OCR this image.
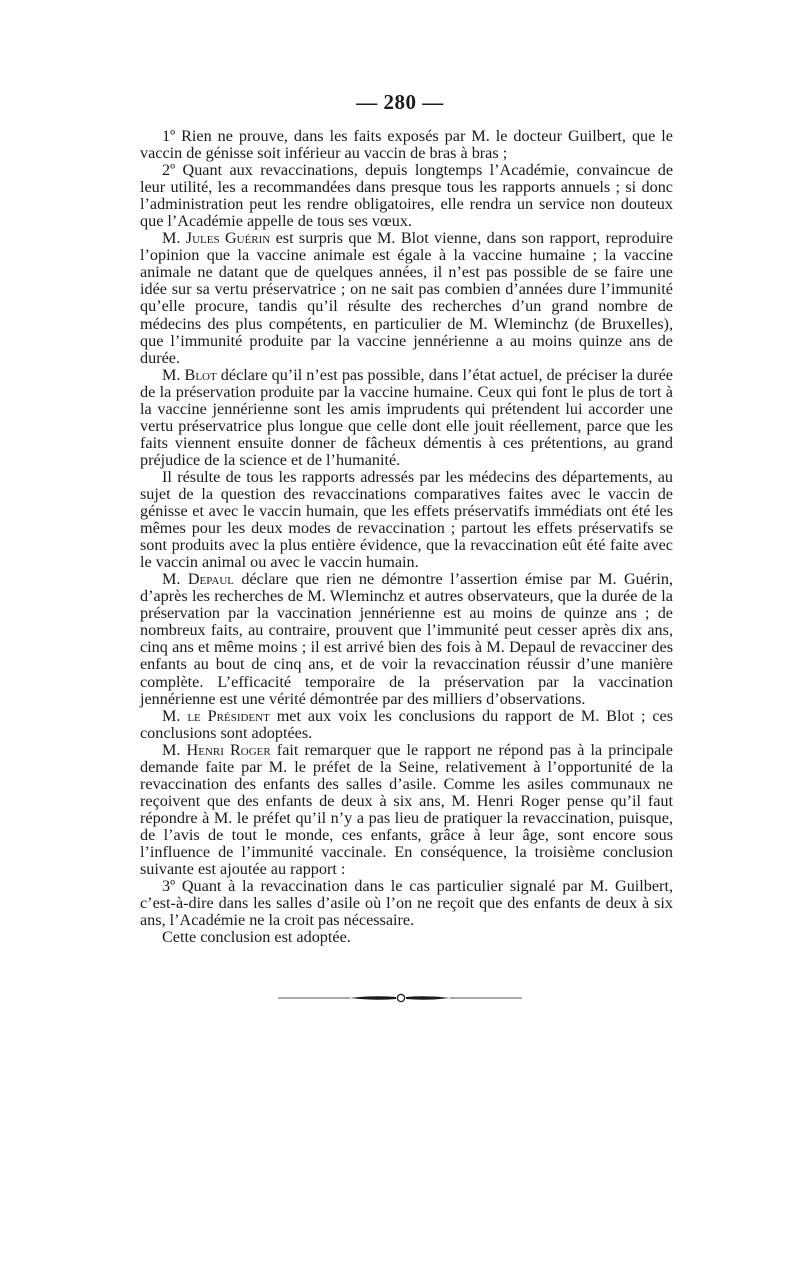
— 280 —

1º Rien ne prouve, dans les faits exposés par M. le docteur Guilbert, que le vaccin de génisse soit inférieur au vaccin de bras à bras ;

2º Quant aux revaccinations, depuis longtemps l’Académie, convaincue de leur utilité, les a recommandées dans presque tous les rapports annuels ; si donc l’administration peut les rendre obligatoires, elle rendra un service non douteux que l’Académie appelle de tous ses vœux.

M. Jules Guérin est surpris que M. Blot vienne, dans son rapport, reproduire l’opinion que la vaccine animale est égale à la vaccine humaine ; la vaccine animale ne datant que de quelques années, il n’est pas possible de se faire une idée sur sa vertu préservatrice ; on ne sait pas combien d’années dure l’immunité qu’elle procure, tandis qu’il résulte des recherches d’un grand nombre de médecins des plus compétents, en particulier de M. Wleminchz (de Bruxelles), que l’immunité produite par la vaccine jennérienne a au moins quinze ans de durée.

M. Blot déclare qu’il n’est pas possible, dans l’état actuel, de préciser la durée de la préservation produite par la vaccine humaine. Ceux qui font le plus de tort à la vaccine jennérienne sont les amis imprudents qui prétendent lui accorder une vertu préservatrice plus longue que celle dont elle jouit réellement, parce que les faits viennent ensuite donner de fâcheux démentis à ces prétentions, au grand préjudice de la science et de l’humanité.

Il résulte de tous les rapports adressés par les médecins des départements, au sujet de la question des revaccinations comparatives faites avec le vaccin de génisse et avec le vaccin humain, que les effets préservatifs immédiats ont été les mêmes pour les deux modes de revaccination ; partout les effets préservatifs se sont produits avec la plus entière évidence, que la revaccination eût été faite avec le vaccin animal ou avec le vaccin humain.

M. Depaul déclare que rien ne démontre l’assertion émise par M. Guérin, d’après les recherches de M. Wleminchz et autres observateurs, que la durée de la préservation par la vaccination jennérienne est au moins de quinze ans ; de nombreux faits, au contraire, prouvent que l’immunité peut cesser après dix ans, cinq ans et même moins ; il est arrivé bien des fois à M. Depaul de revacciner des enfants au bout de cinq ans, et de voir la revaccination réussir d’une manière complète. L’efficacité temporaire de la préservation par la vaccination jennérienne est une vérité démontrée par des milliers d’observations.

M. le Président met aux voix les conclusions du rapport de M. Blot ; ces conclusions sont adoptées.

M. Henri Roger fait remarquer que le rapport ne répond pas à la principale demande faite par M. le préfet de la Seine, relativement à l’opportunité de la revaccination des enfants des salles d’asile. Comme les asiles communaux ne reçoivent que des enfants de deux à six ans, M. Henri Roger pense qu’il faut répondre à M. le préfet qu’il n’y a pas lieu de pratiquer la revaccination, puisque, de l’avis de tout le monde, ces enfants, grâce à leur âge, sont encore sous l’influence de l’immunité vaccinale. En conséquence, la troisième conclusion suivante est ajoutée au rapport :

3º Quant à la revaccination dans le cas particulier signalé par M. Guilbert, c’est-à-dire dans les salles d’asile où l’on ne reçoit que des enfants de deux à six ans, l’Académie ne la croit pas nécessaire.

Cette conclusion est adoptée.
